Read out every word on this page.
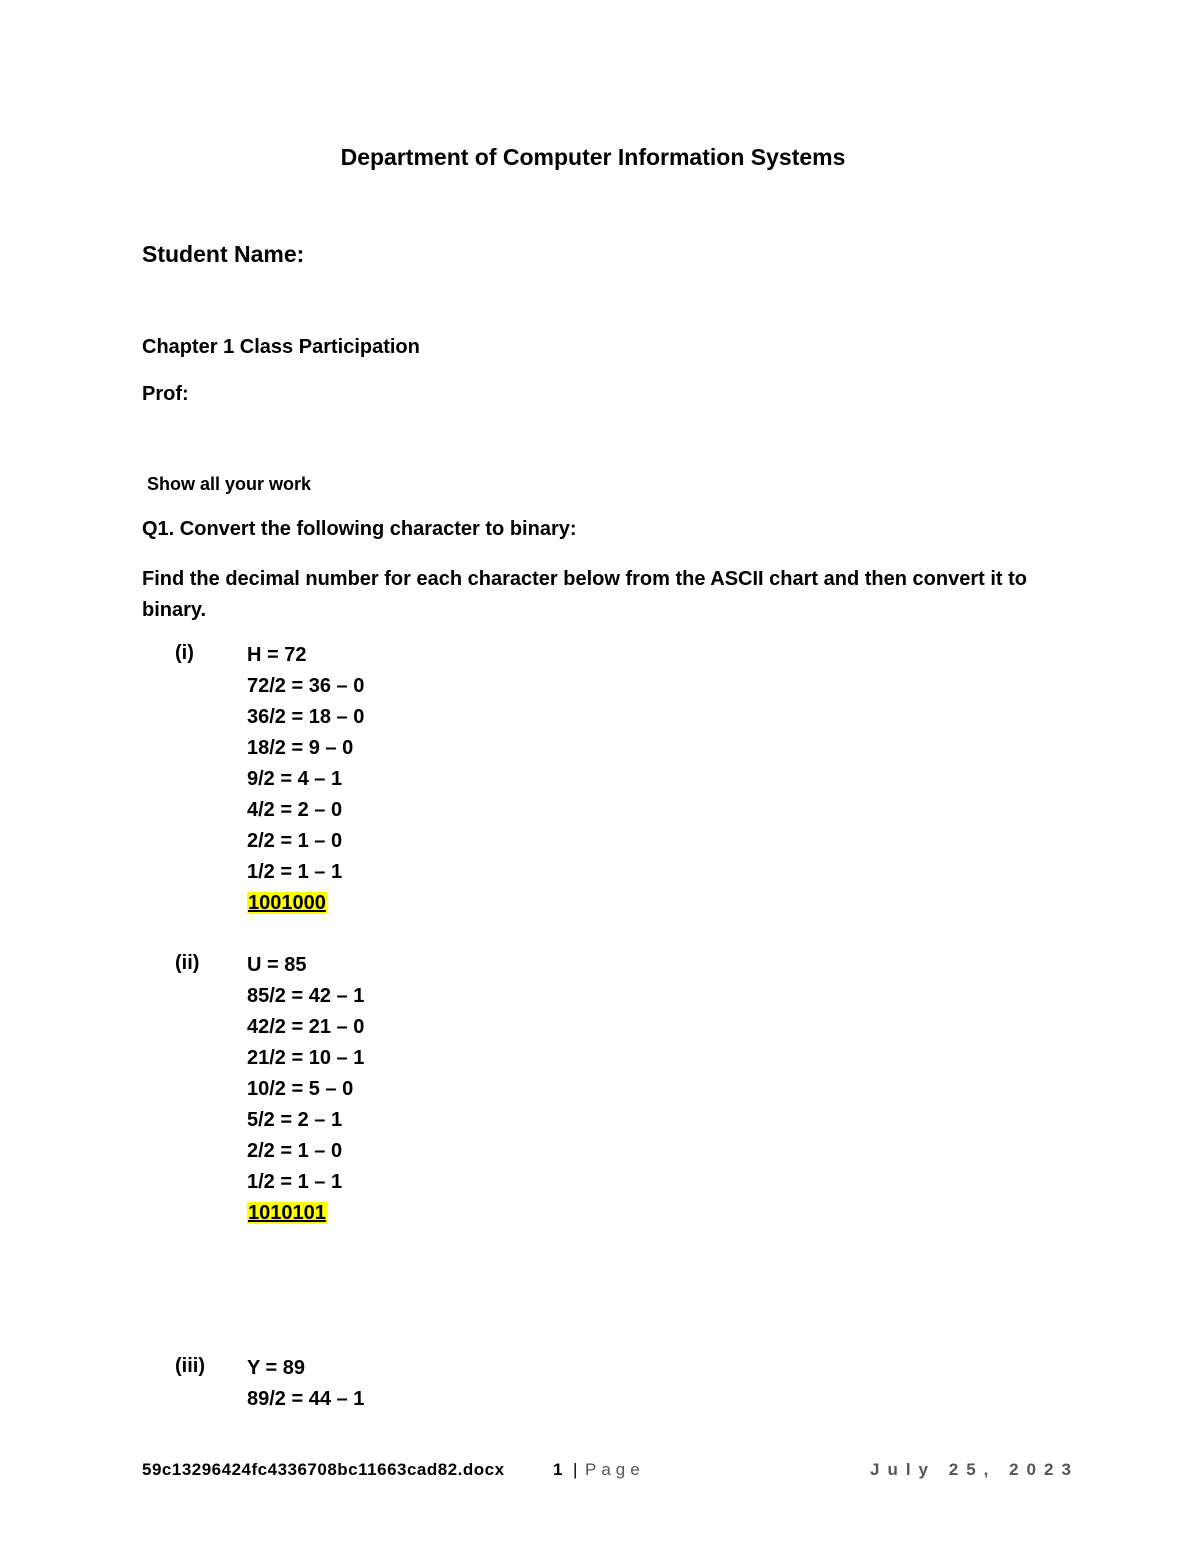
Department of Computer Information Systems
Student Name:
Chapter 1 Class Participation
Prof:
Show all your work
Q1. Convert the following character to binary:
Find the decimal number for each character below from the ASCII chart and then convert it to binary.
(i)	H = 72
72/2 = 36 – 0
36/2 = 18 – 0
18/2 = 9 – 0
9/2 = 4 – 1
4/2 = 2 – 0
2/2 = 1 – 0
1/2 = 1 – 1
1001000
(ii) U = 85
85/2 = 42 – 1
42/2 = 21 – 0
21/2 = 10 – 1
10/2 = 5 – 0
5/2 = 2 – 1
2/2 = 1 – 0
1/2 = 1 – 1
1010101
(iii) Y = 89
89/2 = 44 – 1
59c13296424fc4336708bc11663cad82.docx	1 | Page	July 25, 2023
